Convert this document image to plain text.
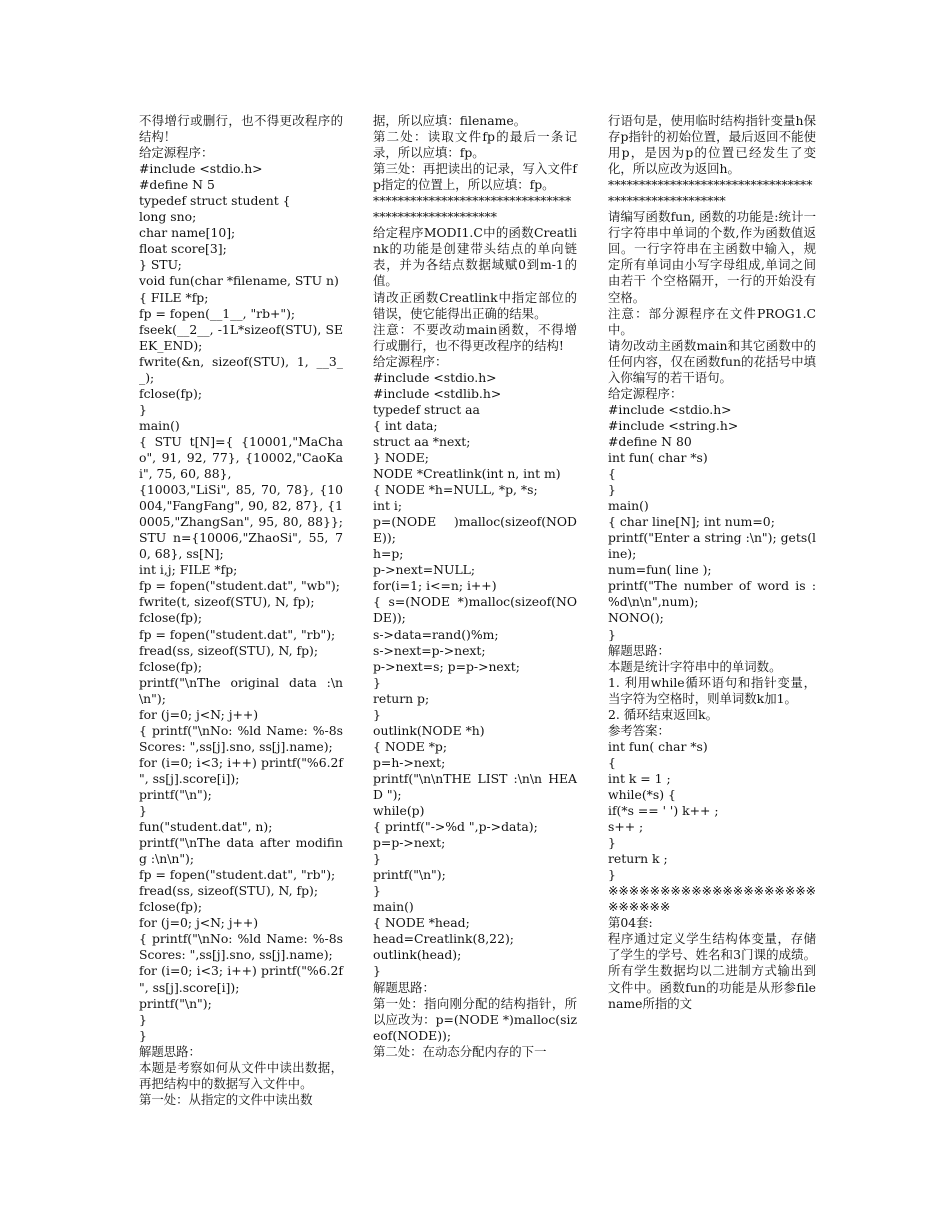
不得增行或删行，也不得更改程序的结构！
给定源程序：
#include <stdio.h>
#define N 5
typedef struct student {
long sno;
char name[10];
float score[3];
} STU;
void fun(char *filename, STU n)
{ FILE *fp;
fp = fopen(__1__, "rb+");
fseek(__2__, -1L*sizeof(STU), SEEK_END);
fwrite(&n, sizeof(STU), 1, __3__);
fclose(fp);
}
main()
{ STU t[N]={ {10001,"MaChao", 91, 92, 77}, {10002,"CaoKai", 75, 60, 88},
{10003,"LiSi", 85, 70, 78}, {10004,"FangFang", 90, 82, 87}, {10005,"ZhangSan", 95, 80, 88}}; STU n={10006,"ZhaoSi", 55, 70, 68}, ss[N];
int i,j; FILE *fp;
fp = fopen("student.dat", "wb");
fwrite(t, sizeof(STU), N, fp);
fclose(fp);
fp = fopen("student.dat", "rb");
fread(ss, sizeof(STU), N, fp);
fclose(fp);
printf("\nThe original data :\n\n");
for (j=0; j<N; j++)
{ printf("\nNo: %ld Name: %-8s Scores: ",ss[j].sno, ss[j].name);
for (i=0; i<3; i++) printf("%6.2f ", ss[j].score[i]);
printf("\n");
}
fun("student.dat", n);
printf("\nThe data after modifing :\n\n");
fp = fopen("student.dat", "rb");
fread(ss, sizeof(STU), N, fp);
fclose(fp);
for (j=0; j<N; j++)
{ printf("\nNo: %ld Name: %-8s Scores: ",ss[j].sno, ss[j].name);
for (i=0; i<3; i++) printf("%6.2f ", ss[j].score[i]);
printf("\n");
}
}
解题思路：
本题是考察如何从文件中读出数据，再把结构中的数据写入文件中。
第一处：从指定的文件中读出数
据，所以应填：filename。
第二处：读取文件fp的最后一条记录，所以应填：fp。
第三处：再把读出的记录，写入文件fp指定的位置上，所以应填：fp。
****************************************************
给定程序MODI1.C中的函数Creatlink的功能是创建带头结点的单向链表，并为各结点数据域赋0到m-1的值。
请改正函数Creatlink中指定部位的错误，使它能得出正确的结果。
注意：不要改动main函数，不得增行或删行，也不得更改程序的结构!
给定源程序：
#include <stdio.h>
#include <stdlib.h>
typedef struct aa
{ int data;
struct aa *next;
} NODE;
NODE *Creatlink(int n, int m)
{ NODE *h=NULL, *p, *s;
int i;
p=(NODE )malloc(sizeof(NODE));
h=p;
p->next=NULL;
for(i=1; i<=n; i++)
{ s=(NODE *)malloc(sizeof(NODE));
s->data=rand()%m;
s->next=p->next;
p->next=s; p=p->next;
}
return p;
}
outlink(NODE *h)
{ NODE *p;
p=h->next;
printf("\n\nTHE LIST :\n\n HEAD ");
while(p)
{ printf("->%d ",p->data);
p=p->next;
}
printf("\n");
}
main()
{ NODE *head;
head=Creatlink(8,22);
outlink(head);
}
解题思路：
第一处：指向刚分配的结构指针，所以应改为：p=(NODE *)malloc(sizeof(NODE));
第二处：在动态分配内存的下一
行语句是，使用临时结构指针变量h保存p指针的初始位置，最后返回不能使用p，是因为p的位置已经发生了变化，所以应改为返回h。
****************************************************
请编写函数fun, 函数的功能是:统计一行字符串中单词的个数,作为函数值返 回。一行字符串在主函数中输入，规定所有单词由小写字母组成,单词之间由若干 个空格隔开，一行的开始没有空格。
注意：部分源程序在文件PROG1.C中。
请勿改动主函数main和其它函数中的任何内容，仅在函数fun的花括号中填入你编写的若干语句。
给定源程序：
#include <stdio.h>
#include <string.h>
#define N 80
int fun( char *s)
{
}
main()
{ char line[N]; int num=0;
printf("Enter a string :\n"); gets(line);
num=fun( line );
printf("The number of word is : %d\n\n",num);
NONO();
}
解题思路：
本题是统计字符串中的单词数。
1. 利用while循环语句和指针变量，当字符为空格时，则单词数k加1。
2. 循环结束返回k。
参考答案：
int fun( char *s)
{
int k = 1 ;
while(*s) {
if(*s == ' ') k++ ;
s++ ;
}
return k ;
}
※※※※※※※※※※※※※※※※※※※※※※※※※※
第04套:
程序通过定义学生结构体变量，存储了学生的学号、姓名和3门课的成绩。所有学生数据均以二进制方式输出到文件中。函数fun的功能是从形参filename所指的文
